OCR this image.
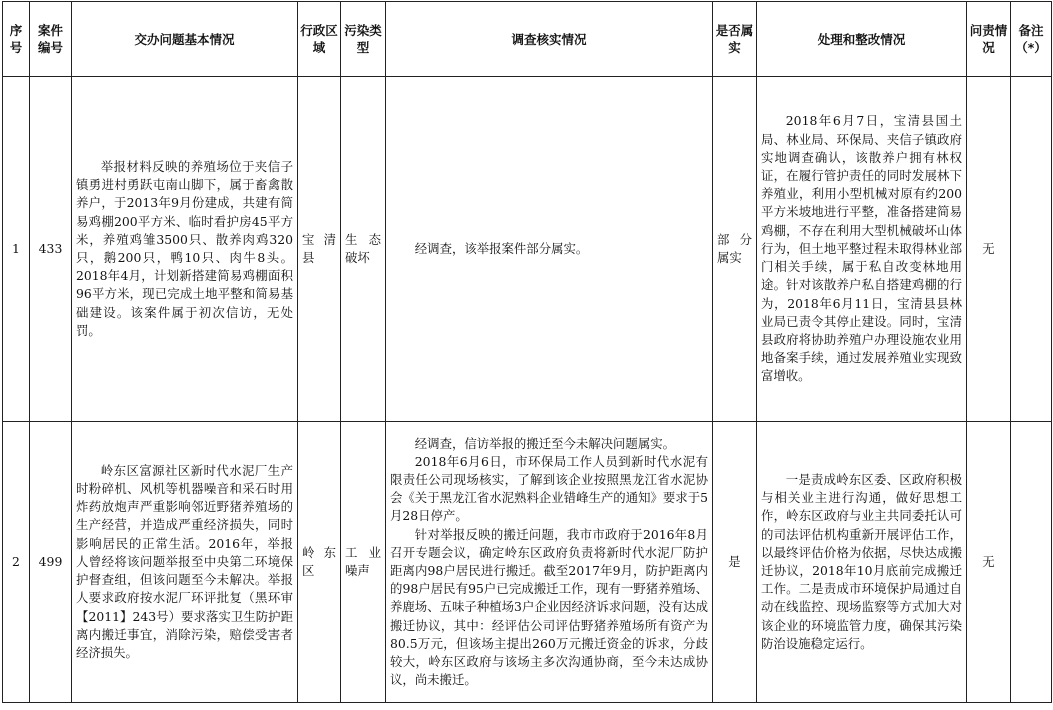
序号	案件编号	交办问题基本情况	行政区域	污染类型	调查核实情况	是否属实	处理和整改情况	问责情况	备注（*）
1	433	举报材料反映的养殖场位于夹信子镇勇进村勇跃屯南山脚下，属于畜禽散养户，于2013年9月份建成，共建有简易鸡棚200平方米、临时看护房45平方米，养殖鸡雏3500只、散养肉鸡320只，鹅200只，鸭10只、肉牛8头。2018年4月，计划新搭建简易鸡棚面积96平方米，现已完成土地平整和简易基础建设。该案件属于初次信访，无处罚。	宝清县	生态破坏	经调查，该举报案件部分属实。	部分属实	2018年6月7日，宝清县国土局、林业局、环保局、夹信子镇政府实地调查确认，该散养户拥有林权证，在履行管护责任的同时发展林下养殖业，利用小型机械对原有约200平方米坡地进行平整，准备搭建简易鸡棚，不存在利用大型机械破坏山体行为，但土地平整过程未取得林业部门相关手续，属于私自改变林地用途。针对该散养户私自搭建鸡棚的行为，2018年6月11日，宝清县县林业局已责令其停止建设。同时，宝清县政府将协助养殖户办理设施农业用地备案手续，通过发展养殖业实现致富增收。	无	
2	499	岭东区富源社区新时代水泥厂生产时粉碎机、风机等机器噪音和采石时用炸药放炮声严重影响邻近野猪养殖场的生产经营，并造成严重经济损失，同时影响居民的正常生活。2016年，举报人曾经将该问题举报至中央第二环境保护督查组，但该问题至今未解决。举报人要求政府按水泥厂环评批复（黑环审【2011】243号）要求落实卫生防护距离内搬迁事宜，消除污染，赔偿受害者经济损失。	岭东区	工业噪声	经调查，信访举报的搬迁至今未解决问题属实。
2018年6月6日，市环保局工作人员到新时代水泥有限责任公司现场核实，了解到该企业按照黑龙江省水泥协会《关于黑龙江省水泥熟料企业错峰生产的通知》要求于5月28日停产。
针对举报反映的搬迁问题，我市市政府于2016年8月召开专题会议，确定岭东区政府负责将新时代水泥厂防护距离内98户居民进行搬迁。截至2017年9月，防护距离内的98户居民有95户已完成搬迁工作，现有一野猪养殖场、养鹿场、五味子种植场3户企业因经济诉求问题，没有达成搬迁协议，其中：经评估公司评估野猪养殖场所有资产为80.5万元，但该场主提出260万元搬迁资金的诉求，分歧较大，岭东区政府与该场主多次沟通协商，至今未达成协议，尚未搬迁。	是	一是责成岭东区委、区政府积极与相关业主进行沟通，做好思想工作，岭东区政府与业主共同委托认可的司法评估机构重新开展评估工作，以最终评估价格为依据，尽快达成搬迁协议，2018年10月底前完成搬迁工作。二是责成市环境保护局通过自动在线监控、现场监察等方式加大对该企业的环境监管力度，确保其污染防治设施稳定运行。	无	
